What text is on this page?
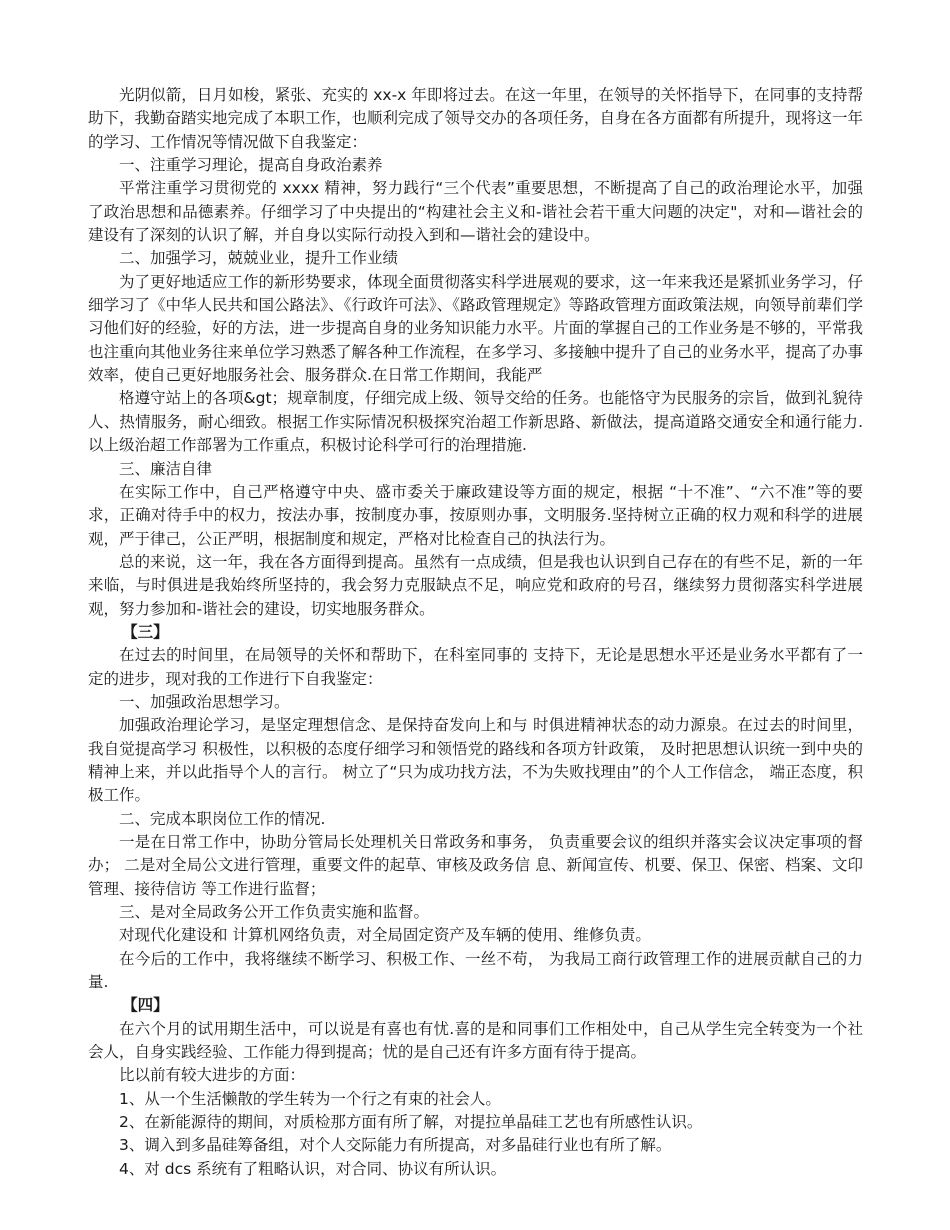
光阴似箭，日月如梭，紧张、充实的 xx-x 年即将过去。在这一年里，在领导的关怀指导下，在同事的支持帮助下，我勤奋踏实地完成了本职工作，也顺利完成了领导交办的各项任务，自身在各方面都有所提升，现将这一年的学习、工作情况等情况做下自我鉴定：

一、注重学习理论，提高自身政治素养

平常注重学习贯彻党的 xxxx 精神，努力践行“三个代表”重要思想，不断提高了自己的政治理论水平，加强了政治思想和品德素养。仔细学习了中央提出的“构建社会主义和-谐社会若干重大问题的决定"，对和—谐社会的建设有了深刻的认识了解，并自身以实际行动投入到和—谐社会的建设中。

二、加强学习，兢兢业业，提升工作业绩

为了更好地适应工作的新形势要求，体现全面贯彻落实科学进展观的要求，这一年来我还是紧抓业务学习，仔细学习了《中华人民共和国公路法》、《行政许可法》、《路政管理规定》等路政管理方面政策法规，向领导前辈们学习他们好的经验，好的方法，进一步提高自身的业务知识能力水平。片面的掌握自己的工作业务是不够的，平常我也注重向其他业务往来单位学习熟悉了解各种工作流程，在多学习、多接触中提升了自己的业务水平，提高了办事效率，使自己更好地服务社会、服务群众.在日常工作期间，我能严

格遵守站上的各项&gt；规章制度，仔细完成上级、领导交给的任务。也能恪守为民服务的宗旨，做到礼貌待人、热情服务，耐心细致。根据工作实际情况积极探究治超工作新思路、新做法，提高道路交通安全和通行能力.以上级治超工作部署为工作重点，积极讨论科学可行的治理措施.

三、廉洁自律

在实际工作中，自己严格遵守中央、盛市委关于廉政建设等方面的规定，根据 “十不准”、“六不准”等的要求，正确对待手中的权力，按法办事，按制度办事，按原则办事，文明服务.坚持树立正确的权力观和科学的进展观，严于律己，公正严明，根据制度和规定，严格对比检查自己的执法行为。

总的来说，这一年，我在各方面得到提高。虽然有一点成绩，但是我也认识到自己存在的有些不足，新的一年来临，与时俱进是我始终所坚持的，我会努力克服缺点不足，响应党和政府的号召，继续努力贯彻落实科学进展观，努力参加和-谐社会的建设，切实地服务群众。

【三】

在过去的时间里，在局领导的关怀和帮助下，在科室同事的 支持下，无论是思想水平还是业务水平都有了一定的进步，现对我的工作进行下自我鉴定：

一、加强政治思想学习。

加强政治理论学习，是坚定理想信念、是保持奋发向上和与 时俱进精神状态的动力源泉。在过去的时间里，我自觉提高学习 积极性，以积极的态度仔细学习和领悟党的路线和各项方针政策， 及时把思想认识统一到中央的精神上来，并以此指导个人的言行。 树立了“只为成功找方法，不为失败找理由”的个人工作信念， 端正态度，积极工作。

二、完成本职岗位工作的情况.

一是在日常工作中，协助分管局长处理机关日常政务和事务， 负责重要会议的组织并落实会议决定事项的督办； 二是对全局公文进行管理，重要文件的起草、审核及政务信 息、新闻宣传、机要、保卫、保密、档案、文印管理、接待信访 等工作进行监督；

三、是对全局政务公开工作负责实施和监督。

对现代化建设和 计算机网络负责，对全局固定资产及车辆的使用、维修负责。

在今后的工作中，我将继续不断学习、积极工作、一丝不苟， 为我局工商行政管理工作的进展贡献自己的力量.

【四】

在六个月的试用期生活中，可以说是有喜也有忧.喜的是和同事们工作相处中，自己从学生完全转变为一个社会人，自身实践经验、工作能力得到提高；忧的是自己还有许多方面有待于提高。

比以前有较大进步的方面：

1、从一个生活懒散的学生转为一个行之有束的社会人。

2、在新能源待的期间，对质检那方面有所了解，对提拉单晶硅工艺也有所感性认识。

3、调入到多晶硅筹备组，对个人交际能力有所提高，对多晶硅行业也有所了解。

4、对 dcs 系统有了粗略认识，对合同、协议有所认识。
